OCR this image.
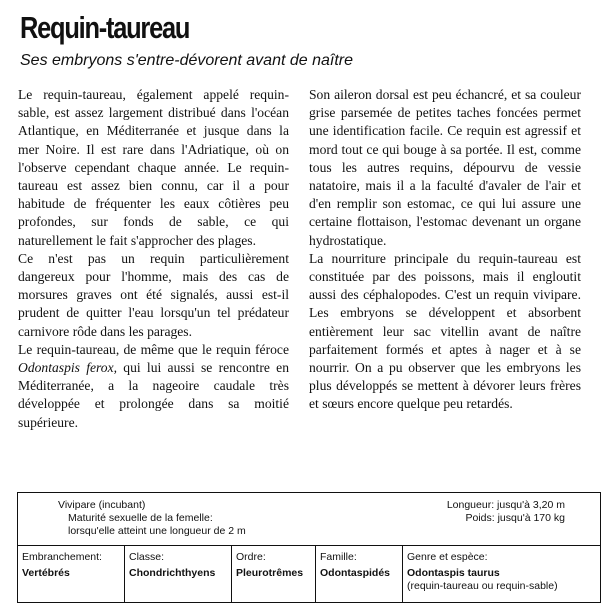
Requin-taureau
Ses embryons s'entre-dévorent avant de naître

Le requin-taureau, également appelé requin-sable, est assez largement distribué dans l'océan Atlantique, en Méditerranée et jusque dans la mer Noire. Il est rare dans l'Adriatique, où on l'observe cependant chaque année. Le requin-taureau est assez bien connu, car il a pour habitude de fréquenter les eaux côtières peu profondes, sur fonds de sable, ce qui naturellement le fait s'approcher des plages.

Ce n'est pas un requin particulièrement dangereux pour l'homme, mais des cas de morsures graves ont été signalés, aussi est-il prudent de quitter l'eau lorsqu'un tel prédateur carnivore rôde dans les parages.

Le requin-taureau, de même que le requin féroce Odontaspis ferox, qui lui aussi se rencontre en Méditerranée, a la nageoire caudale très développée et prolongée dans sa moitié supérieure.

Son aileron dorsal est peu échancré, et sa couleur grise parsemée de petites taches foncées permet une identification facile. Ce requin est agressif et mord tout ce qui bouge à sa portée. Il est, comme tous les autres requins, dépourvu de vessie natatoire, mais il a la faculté d'avaler de l'air et d'en remplir son estomac, ce qui lui assure une certaine flottaison, l'estomac devenant un organe hydrostatique.

La nourriture principale du requin-taureau est constituée par des poissons, mais il engloutit aussi des céphalopodes. C'est un requin vivipare. Les embryons se développent et absorbent entièrement leur sac vitellin avant de naître parfaitement formés et aptes à nager et à se nourrir. On a pu observer que les embryons les plus développés se mettent à dévorer leurs frères et sœurs encore quelque peu retardés.

Vivipare (incubant)
Maturité sexuelle de la femelle:
lorsqu'elle atteint une longueur de 2 m
Longueur: jusqu'à 3,20 m
Poids: jusqu'à 170 kg
Embranchement:
Vertébrés
Classe:
Chondrichthyens
Ordre:
Pleurotrêmes
Famille:
Odontaspidés
Genre et espèce:
Odontaspis taurus
(requin-taureau ou requin-sable)
